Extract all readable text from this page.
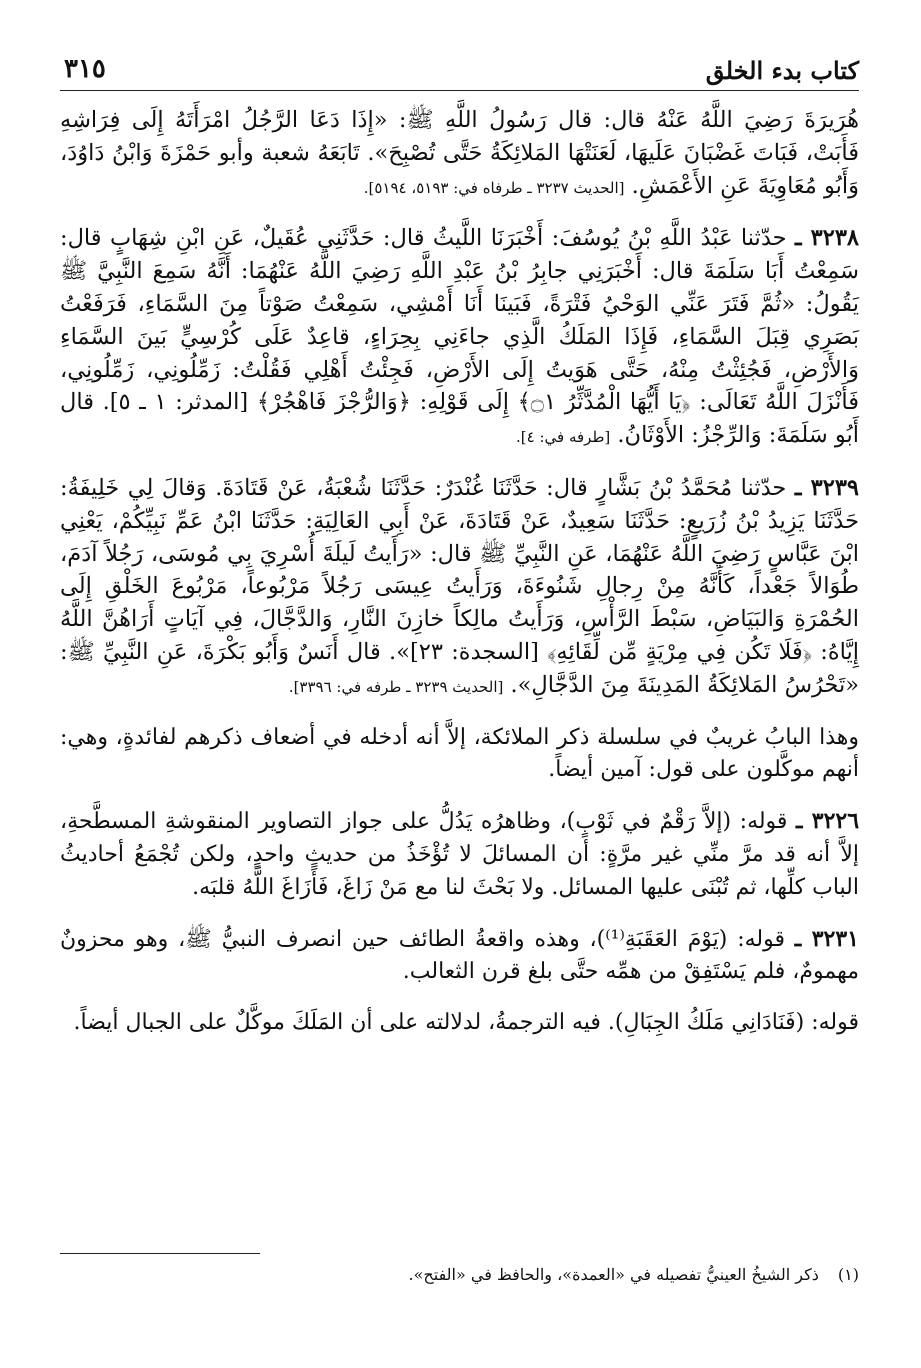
كتاب بدء الخلق
٣١٥

هُرَيرَةَ رَضِيَ اللَّهُ عَنْهُ قال: قال رَسُولُ اللَّهِ ﷺ: «إِذَا دَعَا الرَّجُلُ امْرَأَتَهُ إِلَى فِرَاشِهِ فَأَبَتْ، فَبَاتَ غَضْبَانَ عَلَيهَا، لَعَنَتْهَا المَلائِكَةُ حَتَّى تُصْبِحَ». تَابَعَهُ شعبة وأبو حَمْزَةَ وَابْنُ دَاوُدَ، وَأَبُو مُعَاوِيَةَ عَنِ الأَعْمَشِ. [الحديث ٣٢٣٧ ـ طرفاه في: ٥١٩٣، ٥١٩٤].

٣٢٣٨ ـ حدّثنا عَبْدُ اللَّهِ بْنُ يُوسُفَ: أَخْبَرَنَا اللَّيثُ قال: حَدَّثَنِي عُقَيلٌ، عَنِ ابْنِ شِهَابٍ قال: سَمِعْتُ أَبَا سَلَمَةَ قال: أَخْبَرَنِي جابِرُ بْنُ عَبْدِ اللَّهِ رَضِيَ اللَّهُ عَنْهُمَا: أَنَّهُ سَمِعَ النَّبِيَّ ﷺ يَقُولُ: «ثُمَّ فَتَرَ عَنِّي الوَحْيُ فَتْرَةً، فَبَينَا أَنَا أَمْشِي، سَمِعْتُ صَوْتاً مِنَ السَّمَاءِ، فَرَفَعْتُ بَصَرِي قِبَلَ السَّمَاءِ، فَإِذَا المَلَكُ الَّذِي جاءَنِي بِحِرَاءٍ، قاعِدٌ عَلَى كُرْسِيٍّ بَينَ السَّمَاءِ وَالأَرْضِ، فَجُئِثْتُ مِنْهُ، حَتَّى هَوَيتُ إِلَى الأَرْضِ، فَجِئْتُ أَهْلِي فَقُلْتُ: زَمِّلُونِي، زَمِّلُونِي، فَأَنْزَلَ اللَّهُ تَعَالَى: ﴿يَا أَيُّهَا الْمُدَّثِّرُ ۝١﴾ إِلَى قَوْلِهِ: ﴿وَالرُّجْزَ فَاهْجُرْ﴾ [المدثر: ١ ـ ٥]. قال أَبُو سَلَمَةَ: وَالرِّجْزُ: الأَوْثَانُ. [طرفه في: ٤].

٣٢٣٩ ـ حدّثنا مُحَمَّدُ بْنُ بَشَّارٍ قال: حَدَّثَنَا غُنْدَرٌ: حَدَّثَنَا شُعْبَةُ، عَنْ قَتَادَةَ. وَقالَ لِي خَلِيفَةُ: حَدَّثَنَا يَزِيدُ بْنُ زُرَيعٍ: حَدَّثَنَا سَعِيدٌ، عَنْ قَتَادَةَ، عَنْ أَبِي العَالِيَةِ: حَدَّثَنَا ابْنُ عَمِّ نَبِيِّكُمْ، يَعْنِي ابْنَ عَبَّاسٍ رَضِيَ اللَّهُ عَنْهُمَا، عَنِ النَّبِيِّ ﷺ قال: «رَأَيتُ لَيلَةَ أُسْرِيَ بِي مُوسَى، رَجُلاً آدَمَ، طُوَالاً جَعْداً، كَأَنَّهُ مِنْ رِجالِ شَنُوءَةَ، وَرَأَيتُ عِيسَى رَجُلاً مَرْبُوعاً، مَرْبُوعَ الخَلْقِ إِلَى الحُمْرَةِ وَالبَيَاضِ، سَبْطَ الرَّأْسِ، وَرَأَيتُ مالِكاً خازِنَ النَّارِ، وَالدَّجَّالَ، فِي آيَاتٍ أَرَاهُنَّ اللَّهُ إِيَّاهُ: ﴿فَلَا تَكُن فِي مِرْيَةٍ مِّن لِّقَائِهِ﴾ [السجدة: ٢٣]». قال أَنَسٌ وَأَبُو بَكْرَةَ، عَنِ النَّبِيِّ ﷺ: «تَحْرُسُ المَلائِكَةُ المَدِينَةَ مِنَ الدَّجَّالِ». [الحديث ٣٢٣٩ ـ طرفه في: ٣٣٩٦].

وهذا البابُ غريبٌ في سلسلة ذكر الملائكة، إلاَّ أنه أدخله في أضعاف ذكرهم لفائدةٍ، وهي: أنهم موكَّلون على قول: آمين أيضاً.

٣٢٢٦ ـ قوله: (إلاَّ رَقْمٌ في ثَوْبٍ)، وظاهرُه يَدُلُّ على جواز التصاوير المنقوشةِ المسطَّحةِ، إلاَّ أنه قد مرَّ منِّي غير مرَّةٍ: أن المسائلَ لا تُؤْخَذُ من حديثٍ واحدٍ، ولكن تُجْمَعُ أحاديثُ الباب كلِّها، ثم تُبْنَى عليها المسائل. ولا بَحْثَ لنا مع مَنْ زَاغَ، فَأَزَاغَ اللَّهُ قلبَه.

٣٢٣١ ـ قوله: (يَوْمَ العَقَبَةِ⁽¹⁾)، وهذه واقعةُ الطائف حين انصرف النبيُّ ﷺ، وهو محزونٌ مهمومٌ، فلم يَسْتَفِقْ من همِّه حتَّى بلغ قرن الثعالب.

قوله: (فَنَادَانِي مَلَكُ الجِبَالِ). فيه الترجمةُ، لدلالته على أن المَلَكَ موكَّلٌ على الجبال أيضاً.

(١) ذكر الشيخُ العينيُّ تفصيله في «العمدة»، والحافظ في «الفتح».
